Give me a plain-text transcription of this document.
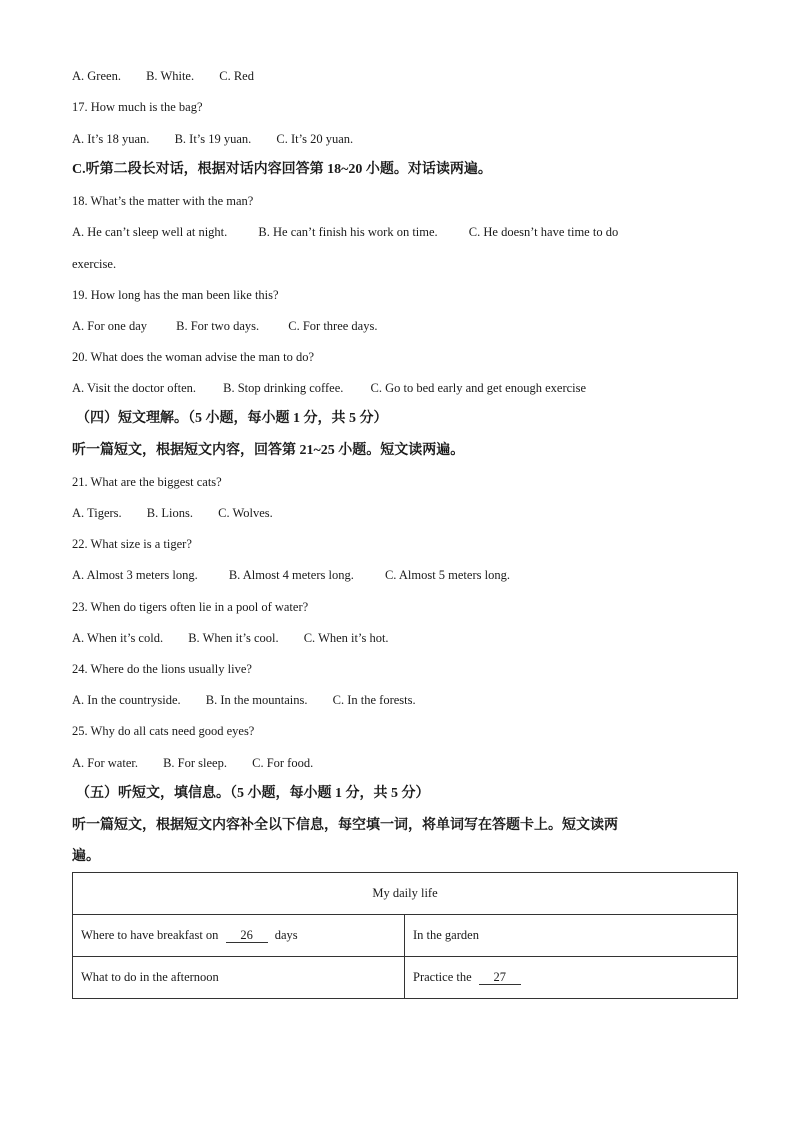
A. Green. B. White. C. Red
17. How much is the bag?
A. It’s 18 yuan. B. It’s 19 yuan. C. It’s 20 yuan.
C.听第二段长对话，根据对话内容回答第 18~20 小题。对话读两遍。
18. What’s the matter with the man?
A. He can’t sleep well at night. B. He can’t finish his work on time. C. He doesn’t have time to do
exercise.
19. How long has the man been like this?
A. For one day B. For two days. C. For three days.
20. What does the woman advise the man to do?
A. Visit the doctor often. B. Stop drinking coffee. C. Go to bed early and get enough exercise
（四）短文理解。（5 小题，每小题 1 分，共 5 分）
听一篇短文，根据短文内容，回答第 21~25 小题。短文读两遍。
21. What are the biggest cats?
A. Tigers. B. Lions. C. Wolves.
22. What size is a tiger?
A. Almost 3 meters long. B. Almost 4 meters long. C. Almost 5 meters long.
23. When do tigers often lie in a pool of water?
A. When it’s cold. B. When it’s cool. C. When it’s hot.
24. Where do the lions usually live?
A. In the countryside. B. In the mountains. C. In the forests.
25. Why do all cats need good eyes?
A. For water. B. For sleep. C. For food.
（五）听短文，填信息。（5 小题，每小题 1 分，共 5 分）
听一篇短文，根据短文内容补全以下信息，每空填一词，将单词写在答题卡上。短文读两
遍。
My daily life	
Where to have breakfast on 26 days	In the garden
What to do in the afternoon	Practice the 27
